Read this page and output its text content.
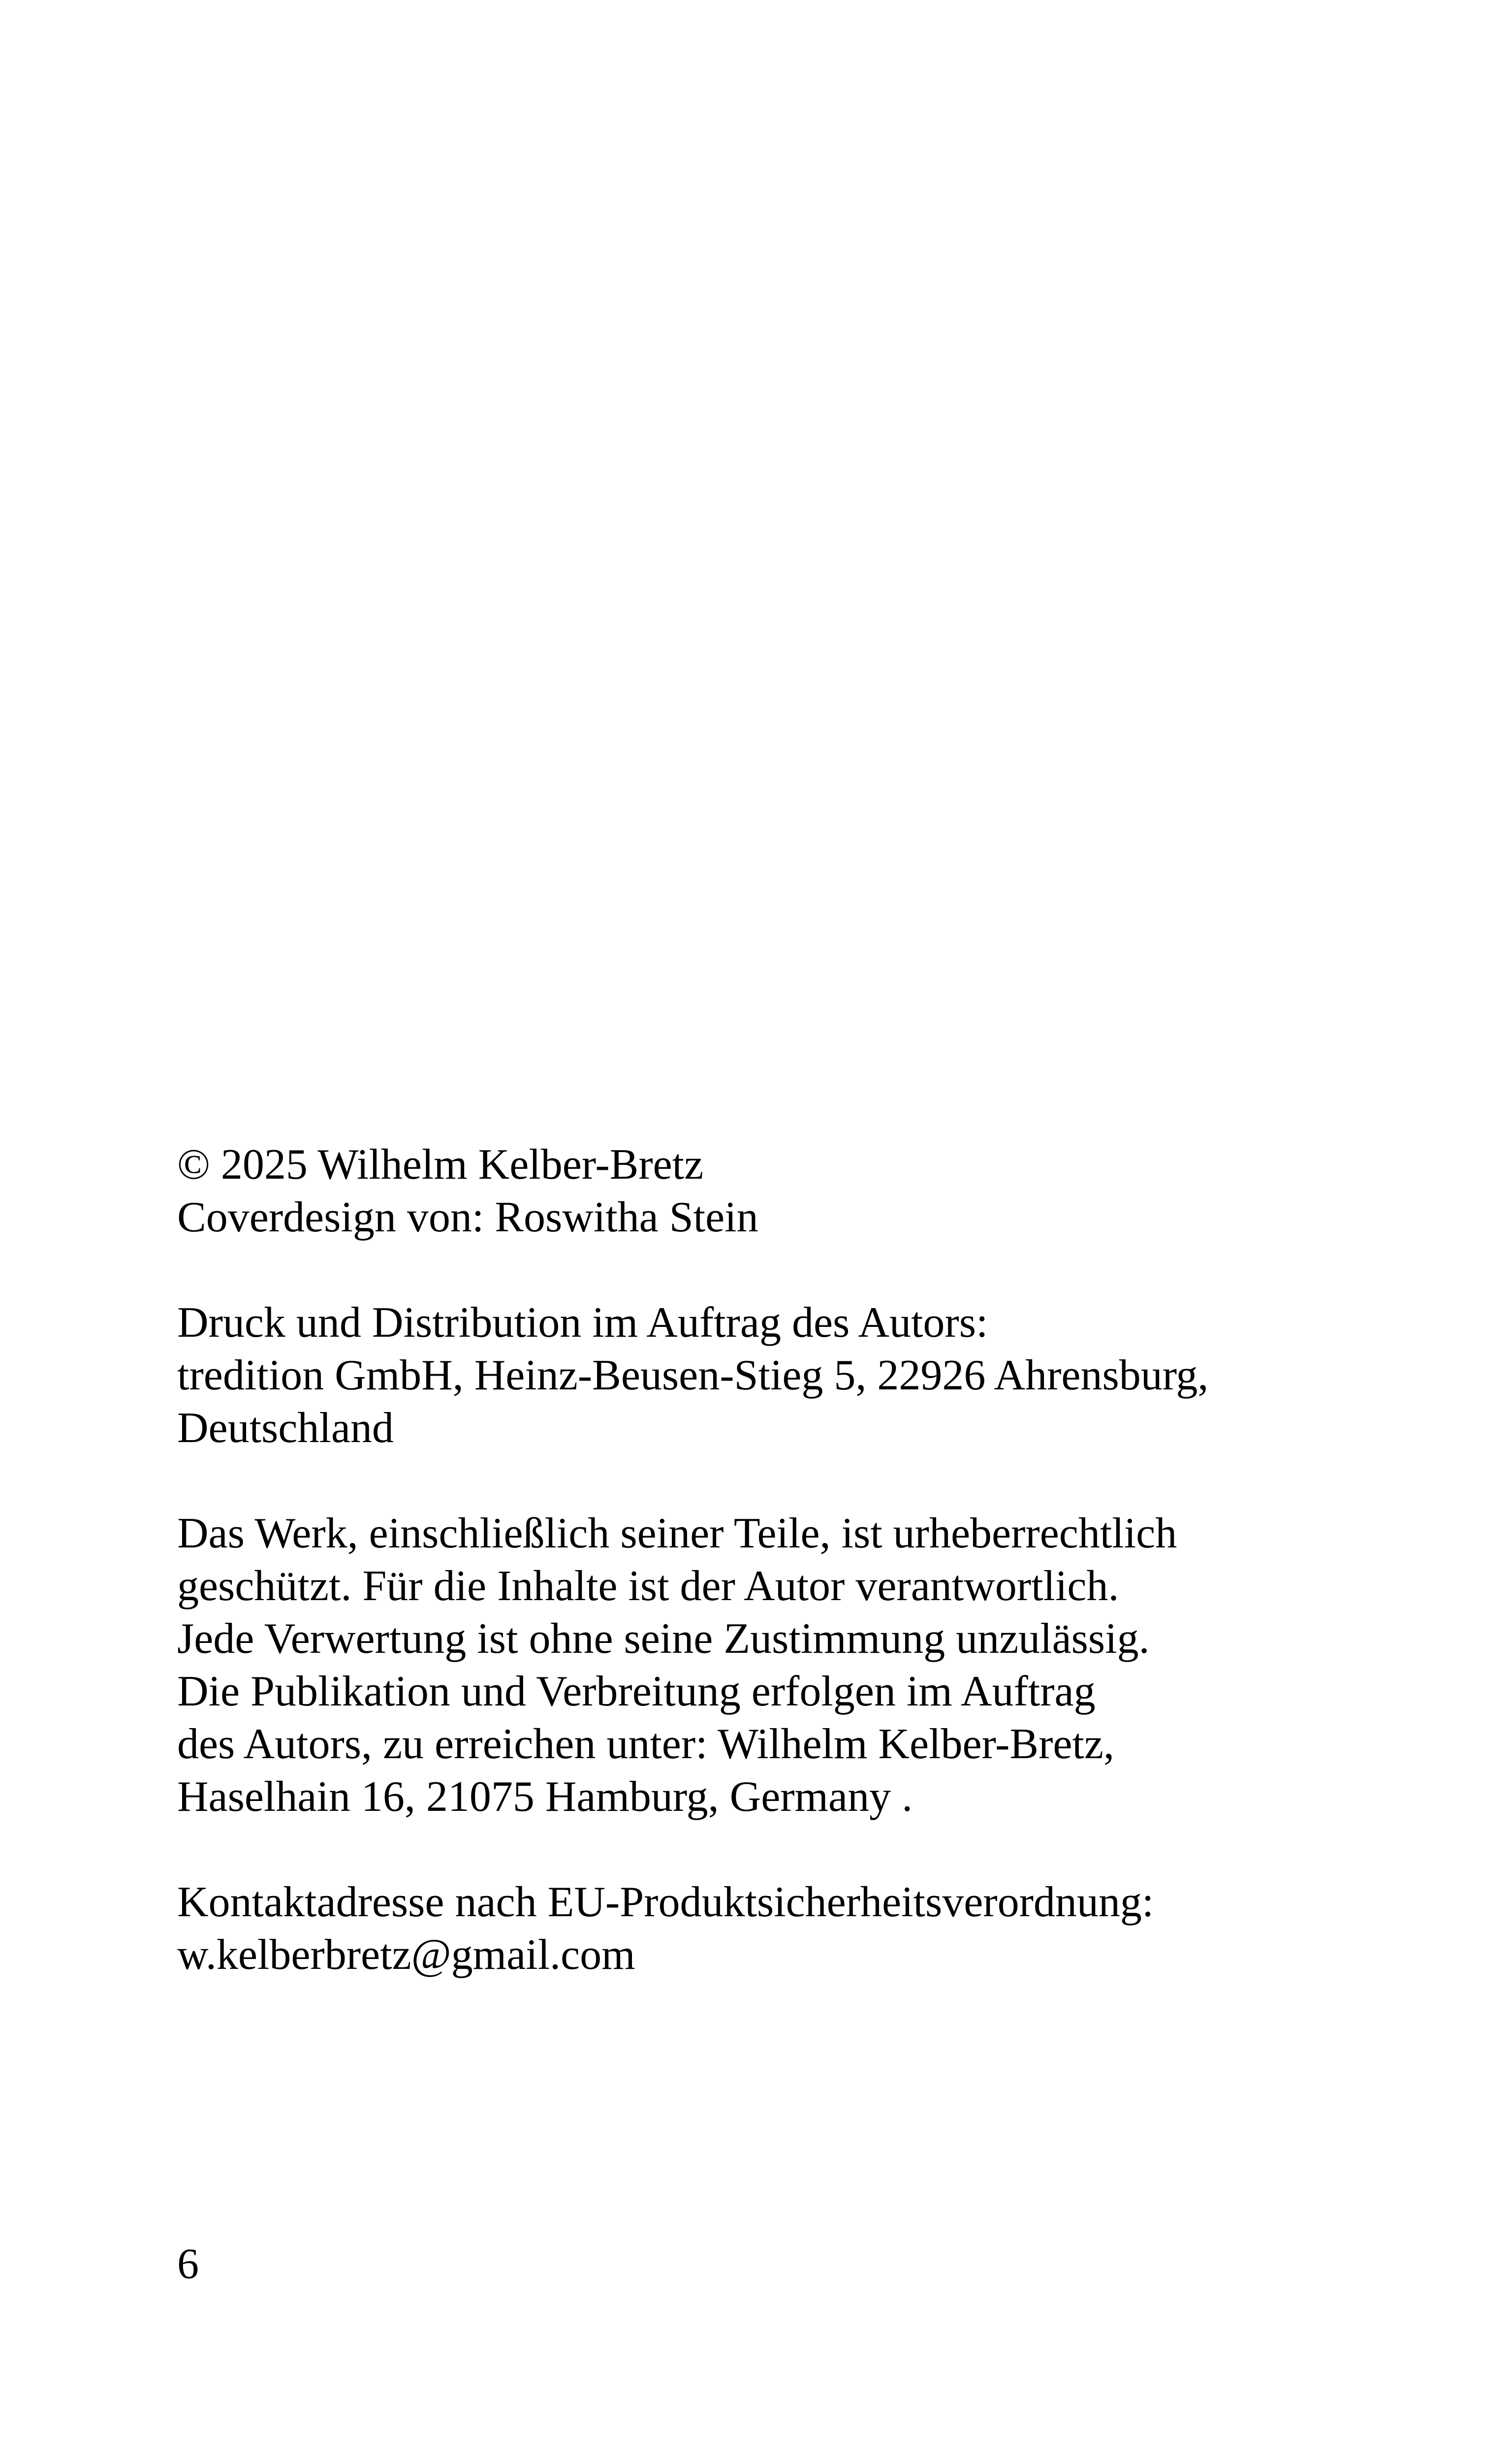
© 2025 Wilhelm Kelber-Bretz
Coverdesign von: Roswitha Stein
Druck und Distribution im Auftrag des Autors:
tredition GmbH, Heinz-Beusen-Stieg 5, 22926 Ahrensburg,
Deutschland
Das Werk, einschließlich seiner Teile, ist urheberrechtlich
geschützt. Für die Inhalte ist der Autor verantwortlich.
Jede Verwertung ist ohne seine Zustimmung unzulässig.
Die Publikation und Verbreitung erfolgen im Auftrag
des Autors, zu erreichen unter: Wilhelm Kelber-Bretz,
Haselhain 16, 21075 Hamburg, Germany .
Kontaktadresse nach EU-Produktsicherheitsverordnung:
w.kelberbretz@gmail.com
6
